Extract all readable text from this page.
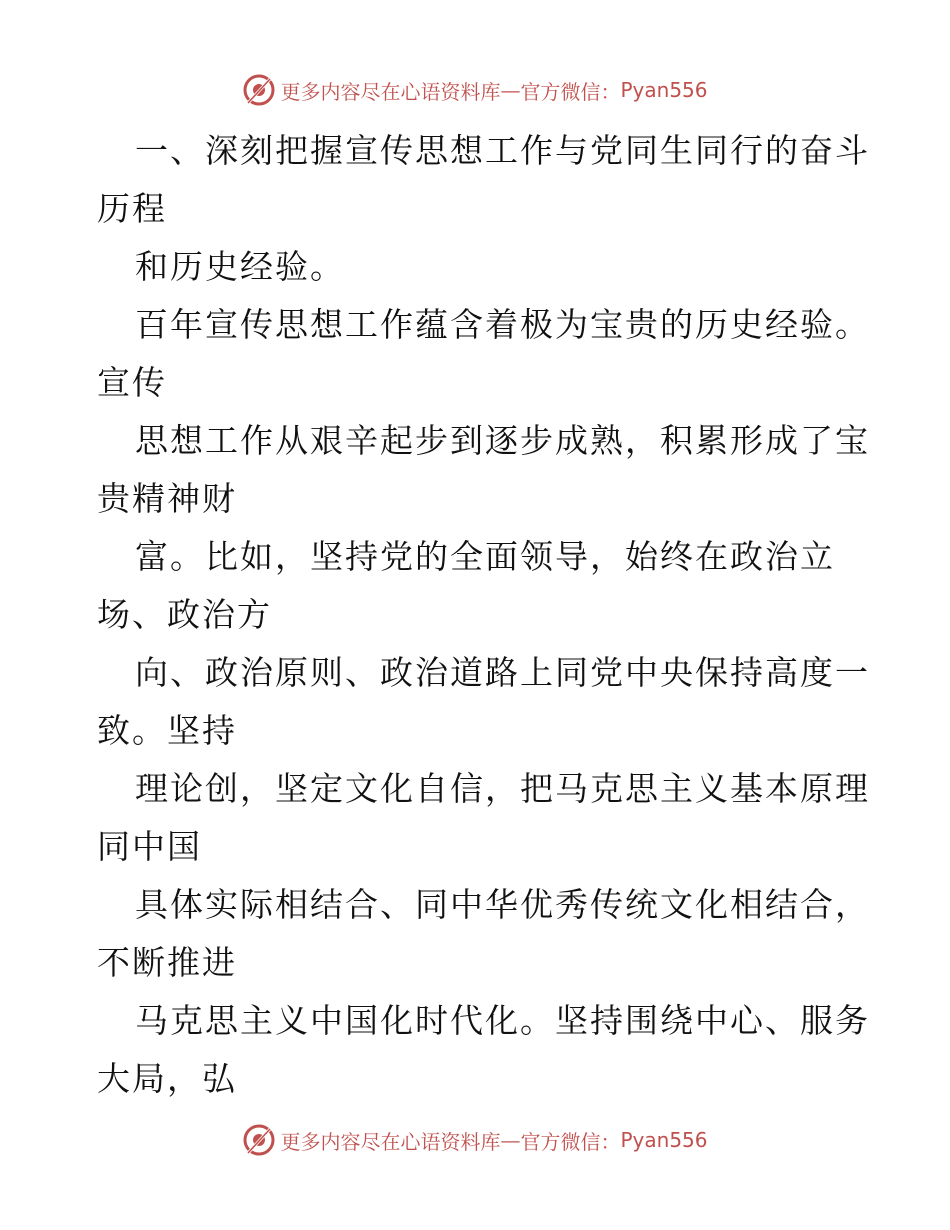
更多内容尽在心语资料库 — 官方微信： Pyan556
一、深刻把握宣传思想工作与党同生同行的奋斗
历程
和历史经验。
百年宣传思想工作蕴含着极为宝贵的历史经验。
宣传
思想工作从艰辛起步到逐步成熟，积累形成了宝
贵精神财
富。比如，坚持党的全面领导，始终在政治立
场、政治方
向、政治原则、政治道路上同党中央保持高度一
致。坚持
理论创，坚定文化自信，把马克思主义基本原理
同中国
具体实际相结合、同中华优秀传统文化相结合，
不断推进
马克思主义中国化时代化。坚持围绕中心、服务
大局，弘
更多内容尽在心语资料库 — 官方微信： Pyan556
